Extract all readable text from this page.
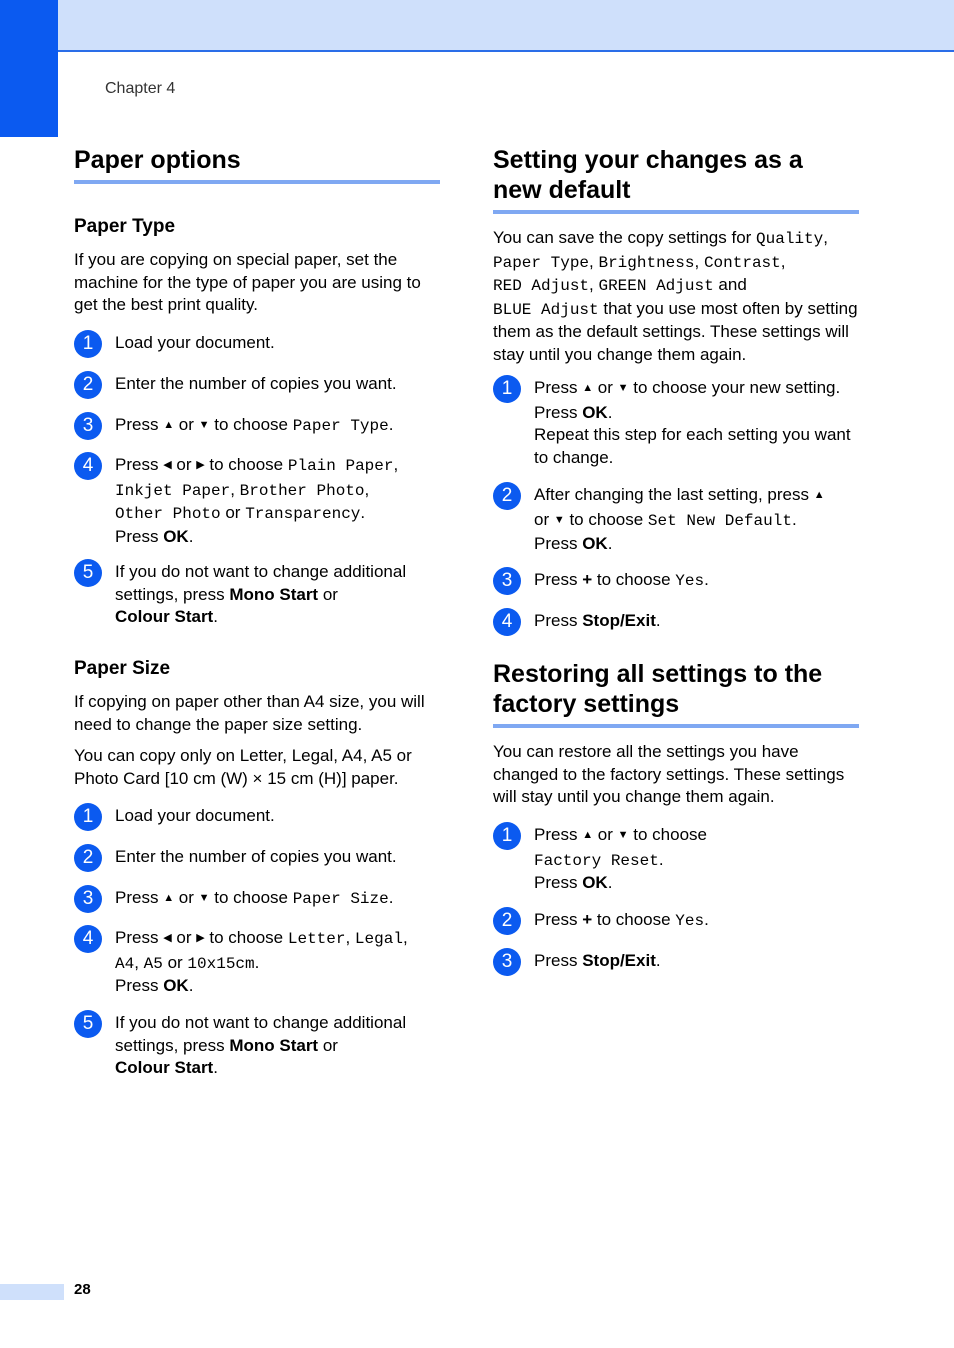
Chapter 4
Paper options
Paper Type
If you are copying on special paper, set the machine for the type of paper you are using to get the best print quality.
1	Load your document.
2	Enter the number of copies you want.
3	Press ▲ or ▼ to choose Paper Type.
4	Press ◀ or ▶ to choose Plain Paper,
Inkjet Paper, Brother Photo,
Other Photo or Transparency.
Press OK.
5	If you do not want to change additional settings, press Mono Start or
Colour Start.
Paper Size
If copying on paper other than A4 size, you will need to change the paper size setting.
You can copy only on Letter, Legal, A4, A5 or Photo Card [10 cm (W) × 15 cm (H)] paper.
1	Load your document.
2	Enter the number of copies you want.
3	Press ▲ or ▼ to choose Paper Size.
4	Press ◀ or ▶ to choose Letter, Legal,
A4, A5 or 10x15cm.
Press OK.
5	If you do not want to change additional settings, press Mono Start or
Colour Start.
Setting your changes as a
new default
You can save the copy settings for Quality,
Paper Type, Brightness, Contrast,
RED Adjust, GREEN Adjust and
BLUE Adjust that you use most often by setting them as the default settings. These settings will stay until you change them again.
1	Press ▲ or ▼ to choose your new setting.
Press OK.
Repeat this step for each setting you want to change.
2	After changing the last setting, press ▲
or ▼ to choose Set New Default.
Press OK.
3	Press + to choose Yes.
4	Press Stop/Exit.
Restoring all settings to the
factory settings
You can restore all the settings you have changed to the factory settings. These settings will stay until you change them again.
1	Press ▲ or ▼ to choose
Factory Reset.
Press OK.
2	Press + to choose Yes.
3	Press Stop/Exit.
28
